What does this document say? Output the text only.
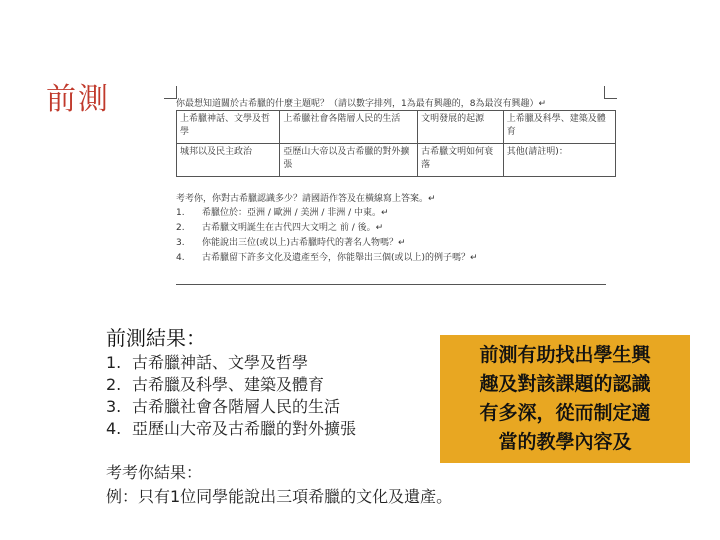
前測	你最想知道關於古希臘的什麼主題呢？（請以數字排列，1為最有興趣的，8為最沒有興趣）↵
上希臘神話、文學及哲學	上希臘社會各階層人民的生活	文明發展的起源	上希臘及科學、建築及體育
城邦以及民主政治	亞歷山大帝以及古希臘的對外擴張	古希臘文明如何衰落	其他(請註明)：
考考你，你對古希臘認識多少？請國語作答及在橫線寫上答案。↵
1. 希臘位於：亞洲 / 歐洲 / 美洲 / 非洲 / 中東。↵
2. 古希臘文明誕生在古代四大文明之 前 / 後。↵
3. 你能說出三位(或以上)古希臘時代的著名人物嗎？↵
4. 古希臘留下許多文化及遺產至今，你能舉出三個(或以上)的例子嗎？↵
前測結果：
1. 古希臘神話、文學及哲學
2. 古希臘及科學、建築及體育
3. 古希臘社會各階層人民的生活
4. 亞歷山大帝及古希臘的對外擴張
前測有助找出學生興
趣及對該課題的認識
有多深，從而制定適
當的教學內容及
考考你結果：
例：只有1位同學能說出三項希臘的文化及遺產。
